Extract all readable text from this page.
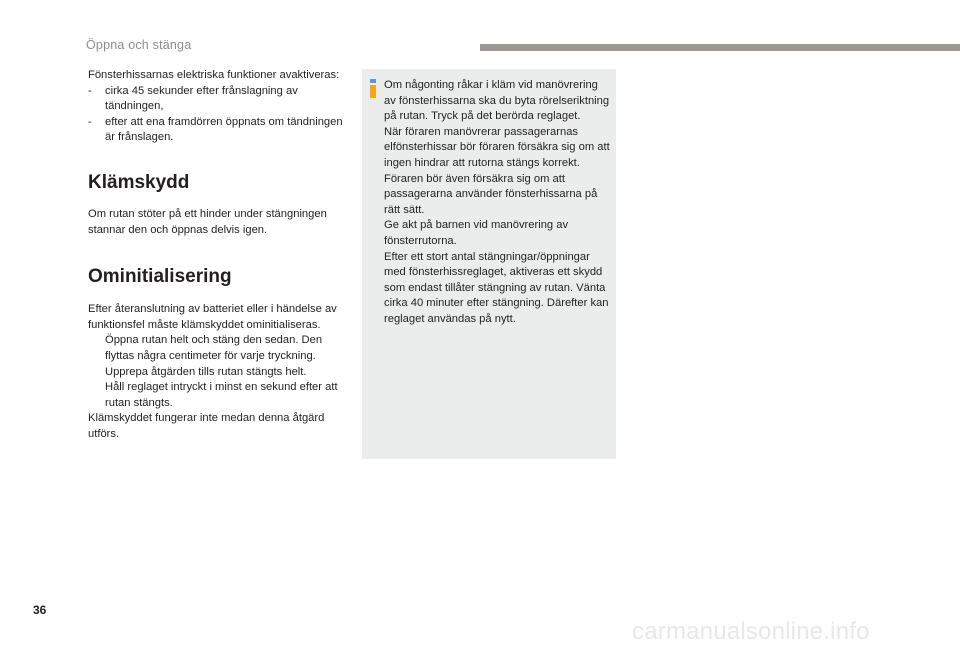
Öppna och stänga

Fönsterhissarnas elektriska funktioner avaktiveras:

- cirka 45 sekunder efter frånslagning av tändningen,
- efter att ena framdörren öppnats om tändningen är frånslagen.
Klämskydd

Om rutan stöter på ett hinder under stängningen stannar den och öppnas delvis igen.

Ominitialisering

Efter återanslutning av batteriet eller i händelse av funktionsfel måste klämskyddet ominitialiseras.

Öppna rutan helt och stäng den sedan. Den flyttas några centimeter för varje tryckning. Upprepa åtgärden tills rutan stängts helt.
Håll reglaget intryckt i minst en sekund efter att rutan stängts.

Klämskyddet fungerar inte medan denna åtgärd utförs.

Om någonting råkar i kläm vid manövrering av fönsterhissarna ska du byta rörelseriktning på rutan. Tryck på det berörda reglaget.
När föraren manövrerar passagerarnas elfönsterhissar bör föraren försäkra sig om att ingen hindrar att rutorna stängs korrekt.
Föraren bör även försäkra sig om att passagerarna använder fönsterhissarna på rätt sätt.
Ge akt på barnen vid manövrering av fönsterrutorna.
Efter ett stort antal stängningar/öppningar med fönsterhissreglaget, aktiveras ett skydd som endast tillåter stängning av rutan. Vänta cirka 40 minuter efter stängning. Därefter kan reglaget användas på nytt.

36
carmanualsonline.info
